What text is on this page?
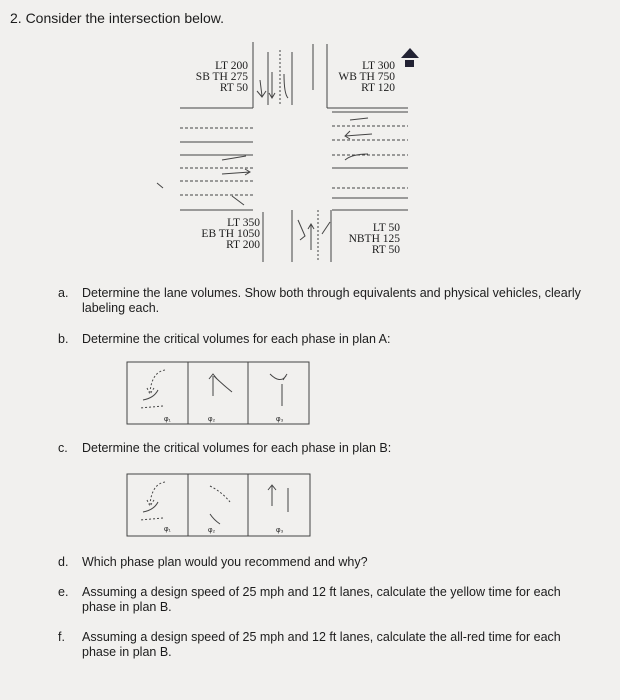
2. Consider the intersection below.
LT 200
SB TH 275
RT 50
LT 300
WB TH 750
RT 120
LT 350
EB TH 1050
RT 200
LT 50
NBTH 125
RT 50
a. Determine the lane volumes. Show both through equivalents and physical vehicles, clearly labeling each.
b. Determine the critical volumes for each phase in plan A:
φ₁	φ₂	φ₃
c. Determine the critical volumes for each phase in plan B:
φ₁	φ₂	φ₃
d. Which phase plan would you recommend and why?
e. Assuming a design speed of 25 mph and 12 ft lanes, calculate the yellow time for each phase in plan B.
f. Assuming a design speed of 25 mph and 12 ft lanes, calculate the all-red time for each phase in plan B.
